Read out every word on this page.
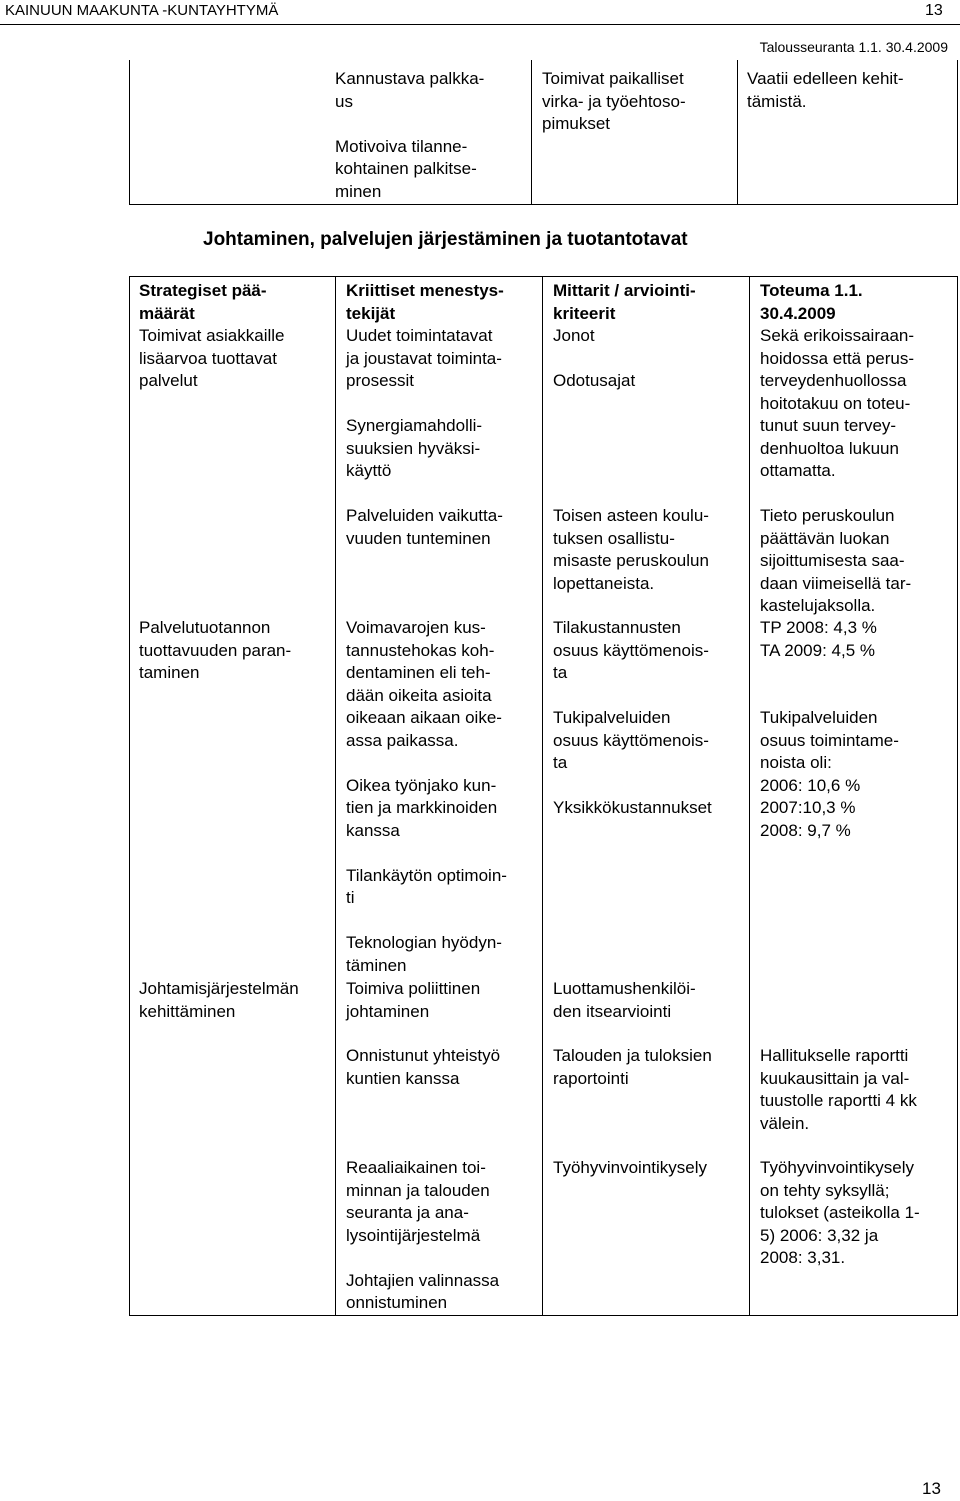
KAINUUN MAAKUNTA -KUNTAYHTYMÄ	13
Talousseuranta 1.1. 30.4.2009
Kannustava palkka-
us
Motivoiva tilanne-
kohtainen palkitse-
minen
Toimivat paikalliset
virka- ja työehtoso-
pimukset
Vaatii edelleen kehit-
tämistä.
Johtaminen, palvelujen järjestäminen ja tuotantotavat
Strategiset pää-
määrät
Kriittiset menestys-
tekijät
Mittarit / arviointi-
kriteerit
Toteuma 1.1.
30.4.2009
Toimivat asiakkaille
lisäarvoa tuottavat
palvelut
Uudet toimintatavat
ja joustavat toiminta-
prosessit
Synergiamahdolli-
suuksien hyväksi-
käyttö
Jonot
Odotusajat
Sekä erikoissairaan-
hoidossa että perus-
terveydenhuollossa
hoitotakuu on toteu-
tunut suun tervey-
denhuoltoa lukuun
ottamatta.
Palveluiden vaikutta-
vuuden tunteminen
Toisen asteen koulu-
tuksen osallistu-
misaste peruskoulun
lopettaneista.
Tieto peruskoulun
päättävän luokan
sijoittumisesta saa-
daan viimeisellä tar-
kastelujaksolla.
Palvelutuotannon
tuottavuuden paran-
taminen
Voimavarojen kus-
tannustehokas koh-
dentaminen eli teh-
dään oikeita asioita
oikeaan aikaan oike-
assa paikassa.
Oikea työnjako kun-
tien ja markkinoiden
kanssa
Tilankäytön optimoin-
ti
Teknologian hyödyn-
täminen
Tilakustannusten
osuus käyttömenois-
ta
Tukipalveluiden
osuus käyttömenois-
ta
Yksikkökustannukset
TP 2008: 4,3 %
TA 2009: 4,5 %
Tukipalveluiden
osuus toimintame-
noista oli:
2006: 10,6 %
2007:10,3 %
2008: 9,7 %
Johtamisjärjestelmän
kehittäminen
Toimiva poliittinen
johtaminen
Luottamushenkilöi-
den itsearviointi
Onnistunut yhteistyö
kuntien kanssa
Talouden ja tuloksien
raportointi
Hallitukselle raportti
kuukausittain ja val-
tuustolle raportti 4 kk
välein.
Reaaliaikainen toi-
minnan ja talouden
seuranta ja ana-
lysointijärjestelmä
Johtajien valinnassa
onnistuminen
Työhyvinvointikysely	Työhyvinvointikysely
on tehty syksyllä;
tulokset (asteikolla 1-
5) 2006: 3,32 ja
2008: 3,31.
13
